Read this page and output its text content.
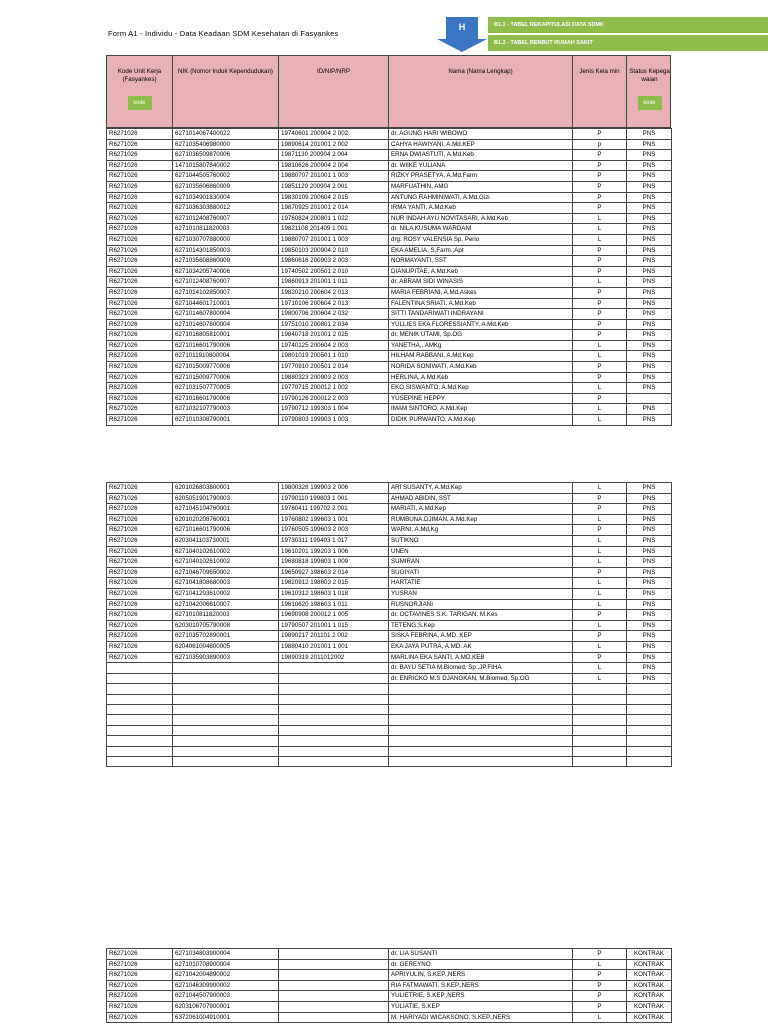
Form A1 - Individu - Data Keadaan SDM Kesehatan di Fasyankes
H	B1.1 - TABEL REKAPITULASI DATA SDMK
B1.3 - TABEL RENBUT RUMAH SAKIT
Kode Unit Kerja (Fasyankes)
kode
NIK (Nomor Induk Kependudukan)	ID/NIP/NRP	Nama (Nama Lengkap)	Jenis Kela min	Status Kepega waian
kode
R6271026	6271014067400022	19740601 200904 2 002	dr. AGUNG HARI WIBOWO	P	PNS
R6271026	6271035406980000	19890614 201001 2 002	CAHYA HAWIYANI, A.Md.KEP	p	PNS
R6271026	6271036509870006	19871130 200904 2 004	ERNA DWIASTUTI, A.Md.Keb	P	PNS
R6271026	1471015807840002	19810626 200904 2 004	dr. WIIKE YULIANA	P	PNS
R6271026	6271044505760002	19880707 201001 1 003	RIZKY PRASETYA, A.Md.Farm	P	PNS
R6271026	6271035606860009	19851129 200904 2 001	MARFUATHIN, AMG	P	PNS
R6271026	6271034901830004	19830109 200604 2 015	ANTUNG RAHMINIWATI, A.Md.Gizi	P	PNS
R6271026	6271036303880012	19870925 201001 2 014	IRMA YANTI, A.Md.Keb	P	PNS
R6271026	6271012408760007	19760824 200801 1 022	NUR INDAH AYU NOVITASARI, A.Md.Keb	L	PNS
R6271026	6271010811820003	19821108 201409 1 001	dr. NILA KUSUMA WARDANI	L	PNS
R6271026	6271030707880000	19880707 201001 1 003	drg. ROSY VALENSIA Sp. Perio	L	PNS
R6271026	6271014301850003	19850103 200904 2 010	EKA AMELIA, S,Farm.,Apt	P	PNS
R6271026	6271035608860009	19860616 200903 2 003	NORMAYANTI, SST	P	PNS
R6271026	6271034205740006	19740502 200501 2 010	DIANUPITAE, A.Md.Keb	P	PNS
R6271026	6271012408760007	19860913 201001 1 011	dr. ABRAM SIDI WINASIS	L	PNS
R6271026	6271014102850007	19820210 200604 2 013	MARIA FEBRIANI, A.Md.Askes	P	PNS
R6271026	6271044601710001	19710106 200604 2 013	FALENTINA SRIATI, A.Md.Keb	P	PNS
R6271026	6271014607800004	19800706 200604 2 032	SITTI TANDARIWATI INDRAYANI	P	PNS
R6271026	6271014607800004	19751010 200801 2 034	YULLIES EKA FLORESSIANTY, A.Md.Keb	P	PNS
R6271026	6271016805810001	19840718 201001 2 025	dr. MENIK UTAMI, Sp.OG	P	PNS
R6271026	6271016601790006	19740125 200604 2 003	YANETHA,, AMKg	L	PNS
R6271026	6271011910800004	19801019 200501 1 010	HILHAM RABBANI, A.Md.Kep	L	PNS
R6271026	6271015009770006	19770910 200501 2 014	NORIDA SONIWATI, A.Md.Keb	P	PNS
R6271026	6271015009770006	19880323 200903 2 003	HERLINA, A.Md.Keb	P	PNS
R6271026	6271031507770005	19770715 200012 1 002	EKO SISWANTO, A.Md.Kep	L	PNS
R6271026	6271016601790006	19790126 200012 2 003	YUSEPINE HEPPY	P	
R6271026	6271032107790003	19790712 199303 1 004	IMAM SINTORO, A.Md.Kep	L	PNS
R6271026	6271010308790001	19790803 199903 1 003	DIDIK PURWANTO, A.Md.Kep	L	PNS
R6271026	6201026803800001	19800328 199903 2 006	ARI SUSANTY, A.Md.Kep	L	PNS
R6271026	6205051901790003	19790110 199803 1 001	AHMAD ABIDIN, SST	P	PNS
R6271026	6271045104760001	19760411 199702 2 001	MARIATI, A.Md.Kep	P	PNS
R6271026	6201020208760001	19760802 199603 1 001	RUMBUNA.DJIMAN, A.Md.Kep	L	PNS
R6271026	6271016601790006	19760505 199603 2 003	WARNI, A.Md,Kg	P	PNS
R6271026	6203041103730001	19730311 199403 1 017	SUTIKNO	L	PNS
R6271026	6271040102610002	19610201 199203 1 006	UNEN	L	PNS
R6271026	6271040102610002	19680818 199803 1 009	SUMIRAN	L	PNS
R6271026	6271046709650002	19650927 198603 2 014	SUGIYATI	P	PNS
R6271026	6271041808680003	19620912 198603 2 015	HARTATIE	L	PNS
R6271026	6271041203610002	19610312 198603 1 018	YUSRAN	L	PNS
R6271026	6271042006610007	19610620 198603 1 011	RUSNORJIANI	L	PNS
R6271026	6271010811820003	19690908 200012 1 005	dr. OCTAVINES S.K. TARIGAN, M.Kes	P	PNS
R6271026	6203010705790008	19790507 201001 1 015	TETENG,S.Kep	L	PNS
R6271026	6271035702890001	19890217 201101 2 002	SISKA FEBRINA, A.MD. KEP	P	PNS
R6271026	6204061004800005	19880410 201001 1 001	EKA JAYA PUTRA, A.MD. AK	L	PNS
R6271026	6271035903890003	19890319 2011012002	MARLINA EKA SANTI, A.MD.KEB	P	PNS
			dr. BAYU SETIA M.Biomed, Sp.,JP.FIHA	L	PNS
			dr. ENRICKO M.S DJANGKAN, M.Biomed, Sp.OG	L	PNS

R6271026	6271034803900004		dr. LIA SUSANTI	P	KONTRAK
R6271026	6271010708900004		dr. GEREYNO	L	KONTRAK
R6271026	6271042004890002		APRIYULIN, S.KEP.,NERS	P	KONTRAK
R6271026	6271046309900002		RIA FATMAWATI, S.KEP.,NERS	P	KONTRAK
R6271026	6271044507900003		YULIETRIE, S.KEP.,NERS	P	KONTRAK
R6271026	6203106707900001		YULIATIE, S.KEP	P	KONTRAK
R6271026	6372061004910001		M. HARIYADI WICAKSONO, S.KEP.,NERS	L	KONTRAK
